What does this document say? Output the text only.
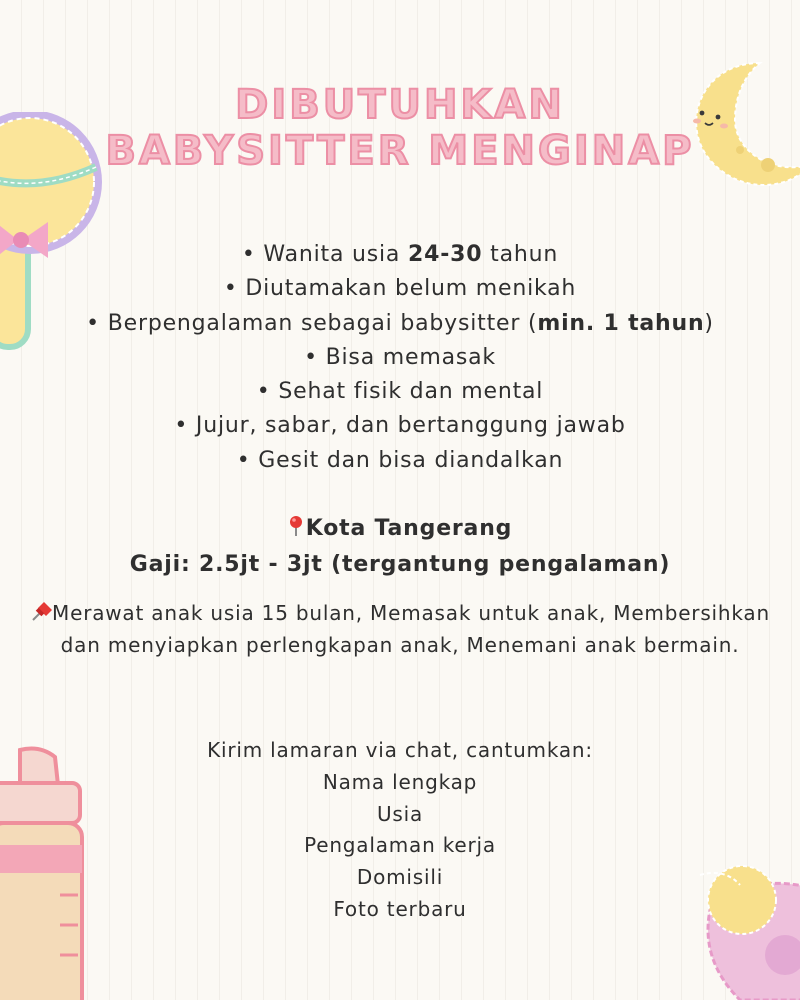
DIBUTUHKAN
BABYSITTER MENGINAP
• Wanita usia 24-30 tahun
• Diutamakan belum menikah
• Berpengalaman sebagai babysitter (min. 1 tahun)
• Bisa memasak
• Sehat fisik dan mental
• Jujur, sabar, dan bertanggung jawab
• Gesit dan bisa diandalkan
Kota Tangerang
Gaji: 2.5jt - 3jt (tergantung pengalaman)
Merawat anak usia 15 bulan, Memasak untuk anak, Membersihkan dan menyiapkan perlengkapan anak, Menemani anak bermain.
Kirim lamaran via chat, cantumkan:
Nama lengkap
Usia
Pengalaman kerja
Domisili
Foto terbaru
